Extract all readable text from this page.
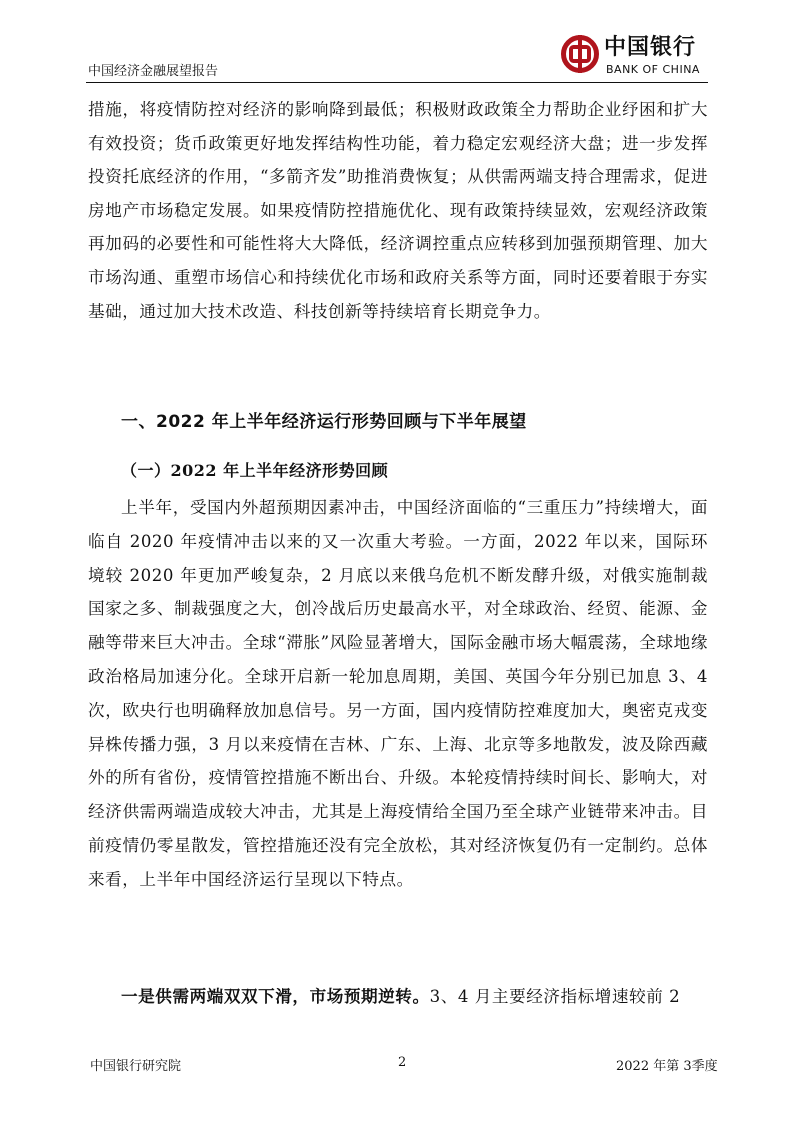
中国经济金融展望报告
中国银行
BANK OF CHINA
措施，将疫情防控对经济的影响降到最低；积极财政政策全力帮助企业纾困和扩大有效投资；货币政策更好地发挥结构性功能，着力稳定宏观经济大盘；进一步发挥投资托底经济的作用，“多箭齐发”助推消费恢复；从供需两端支持合理需求，促进房地产市场稳定发展。如果疫情防控措施优化、现有政策持续显效，宏观经济政策再加码的必要性和可能性将大大降低，经济调控重点应转移到加强预期管理、加大市场沟通、重塑市场信心和持续优化市场和政府关系等方面，同时还要着眼于夯实基础，通过加大技术改造、科技创新等持续培育长期竞争力。
一、2022 年上半年经济运行形势回顾与下半年展望
（一）2022 年上半年经济形势回顾
上半年，受国内外超预期因素冲击，中国经济面临的“三重压力”持续增大，面临自 2020 年疫情冲击以来的又一次重大考验。一方面，2022 年以来，国际环境较 2020 年更加严峻复杂，2 月底以来俄乌危机不断发酵升级，对俄实施制裁国家之多、制裁强度之大，创冷战后历史最高水平，对全球政治、经贸、能源、金融等带来巨大冲击。全球“滞胀”风险显著增大，国际金融市场大幅震荡，全球地缘政治格局加速分化。全球开启新一轮加息周期，美国、英国今年分别已加息 3、4 次，欧央行也明确释放加息信号。另一方面，国内疫情防控难度加大，奥密克戎变异株传播力强，3 月以来疫情在吉林、广东、上海、北京等多地散发，波及除西藏外的所有省份，疫情管控措施不断出台、升级。本轮疫情持续时间长、影响大，对经济供需两端造成较大冲击，尤其是上海疫情给全国乃至全球产业链带来冲击。目前疫情仍零星散发，管控措施还没有完全放松，其对经济恢复仍有一定制约。总体来看，上半年中国经济运行呈现以下特点。
一是供需两端双双下滑，市场预期逆转。3、4 月主要经济指标增速较前 2
中国银行研究院	2	2022 年第 3季度
